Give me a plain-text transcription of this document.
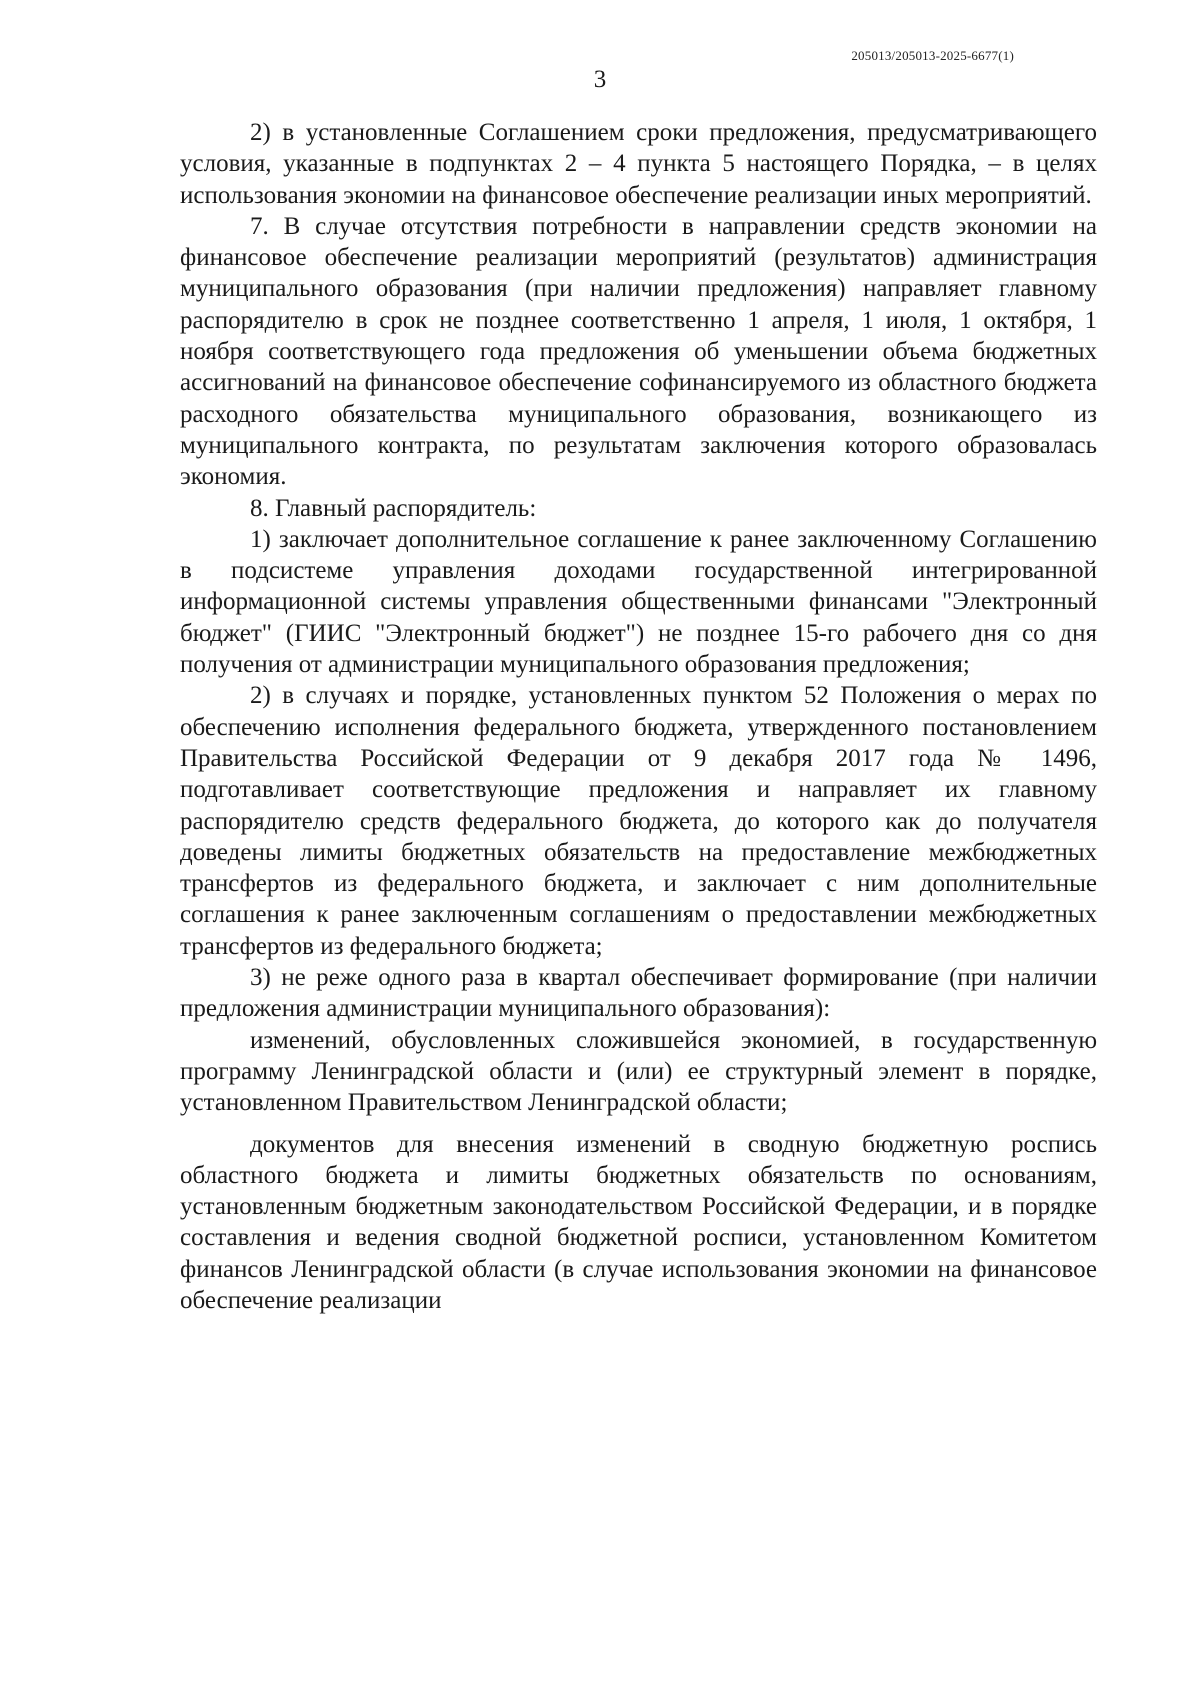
205013/205013-2025-6677(1)
3

2) в установленные Соглашением сроки предложения, предусматривающего условия, указанные в подпунктах 2 – 4 пункта 5 настоящего Порядка, – в целях использования экономии на финансовое обеспечение реализации иных мероприятий.

7. В случае отсутствия потребности в направлении средств экономии на финансовое обеспечение реализации мероприятий (результатов) администрация муниципального образования (при наличии предложения) направляет главному распорядителю в срок не позднее соответственно 1 апреля, 1 июля, 1 октября, 1 ноября соответствующего года предложения об уменьшении объема бюджетных ассигнований на финансовое обеспечение софинансируемого из областного бюджета расходного обязательства муниципального образования, возникающего из муниципального контракта, по результатам заключения которого образовалась экономия.

8. Главный распорядитель:

1) заключает дополнительное соглашение к ранее заключенному Соглашению в подсистеме управления доходами государственной интегрированной информационной системы управления общественными финансами "Электронный бюджет" (ГИИС "Электронный бюджет") не позднее 15-го рабочего дня со дня получения от администрации муниципального образования предложения;

2) в случаях и порядке, установленных пунктом 52 Положения о мерах по обеспечению исполнения федерального бюджета, утвержденного постановлением Правительства Российской Федерации от 9 декабря 2017 года № 1496, подготавливает соответствующие предложения и направляет их главному распорядителю средств федерального бюджета, до которого как до получателя доведены лимиты бюджетных обязательств на предоставление межбюджетных трансфертов из федерального бюджета, и заключает с ним дополнительные соглашения к ранее заключенным соглашениям о предоставлении межбюджетных трансфертов из федерального бюджета;

3) не реже одного раза в квартал обеспечивает формирование (при наличии предложения администрации муниципального образования):

изменений, обусловленных сложившейся экономией, в государственную программу Ленинградской области и (или) ее структурный элемент в порядке, установленном Правительством Ленинградской области;

документов для внесения изменений в сводную бюджетную роспись областного бюджета и лимиты бюджетных обязательств по основаниям, установленным бюджетным законодательством Российской Федерации, и в порядке составления и ведения сводной бюджетной росписи, установленном Комитетом финансов Ленинградской области (в случае использования экономии на финансовое обеспечение реализации
